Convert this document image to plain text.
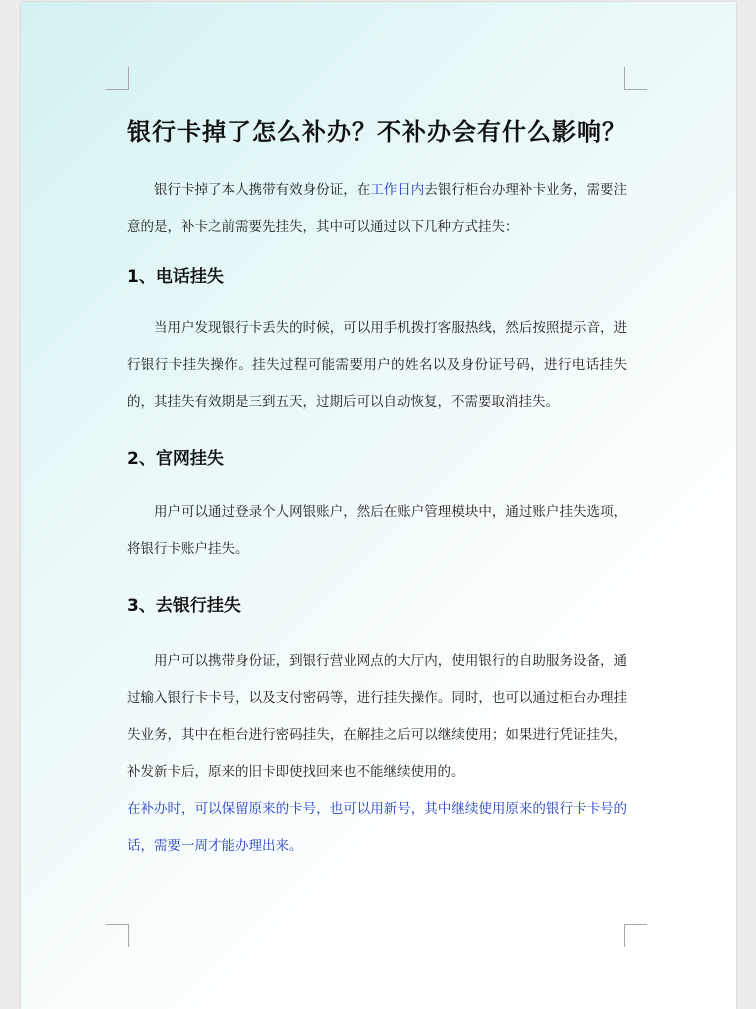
银行卡掉了怎么补办？不补办会有什么影响？

银行卡掉了本人携带有效身份证，在工作日内去银行柜台办理补卡业务，需要注意的是，补卡之前需要先挂失，其中可以通过以下几种方式挂失：

1、电话挂失

当用户发现银行卡丢失的时候，可以用手机拨打客服热线，然后按照提示音，进行银行卡挂失操作。挂失过程可能需要用户的姓名以及身份证号码，进行电话挂失的，其挂失有效期是三到五天，过期后可以自动恢复，不需要取消挂失。

2、官网挂失

用户可以通过登录个人网银账户，然后在账户管理模块中，通过账户挂失选项，将银行卡账户挂失。

3、去银行挂失

用户可以携带身份证，到银行营业网点的大厅内，使用银行的自助服务设备，通过输入银行卡卡号，以及支付密码等，进行挂失操作。同时，也可以通过柜台办理挂失业务，其中在柜台进行密码挂失，在解挂之后可以继续使用；如果进行凭证挂失，补发新卡后，原来的旧卡即使找回来也不能继续使用的。

在补办时，可以保留原来的卡号，也可以用新号，其中继续使用原来的银行卡卡号的话，需要一周才能办理出来。
